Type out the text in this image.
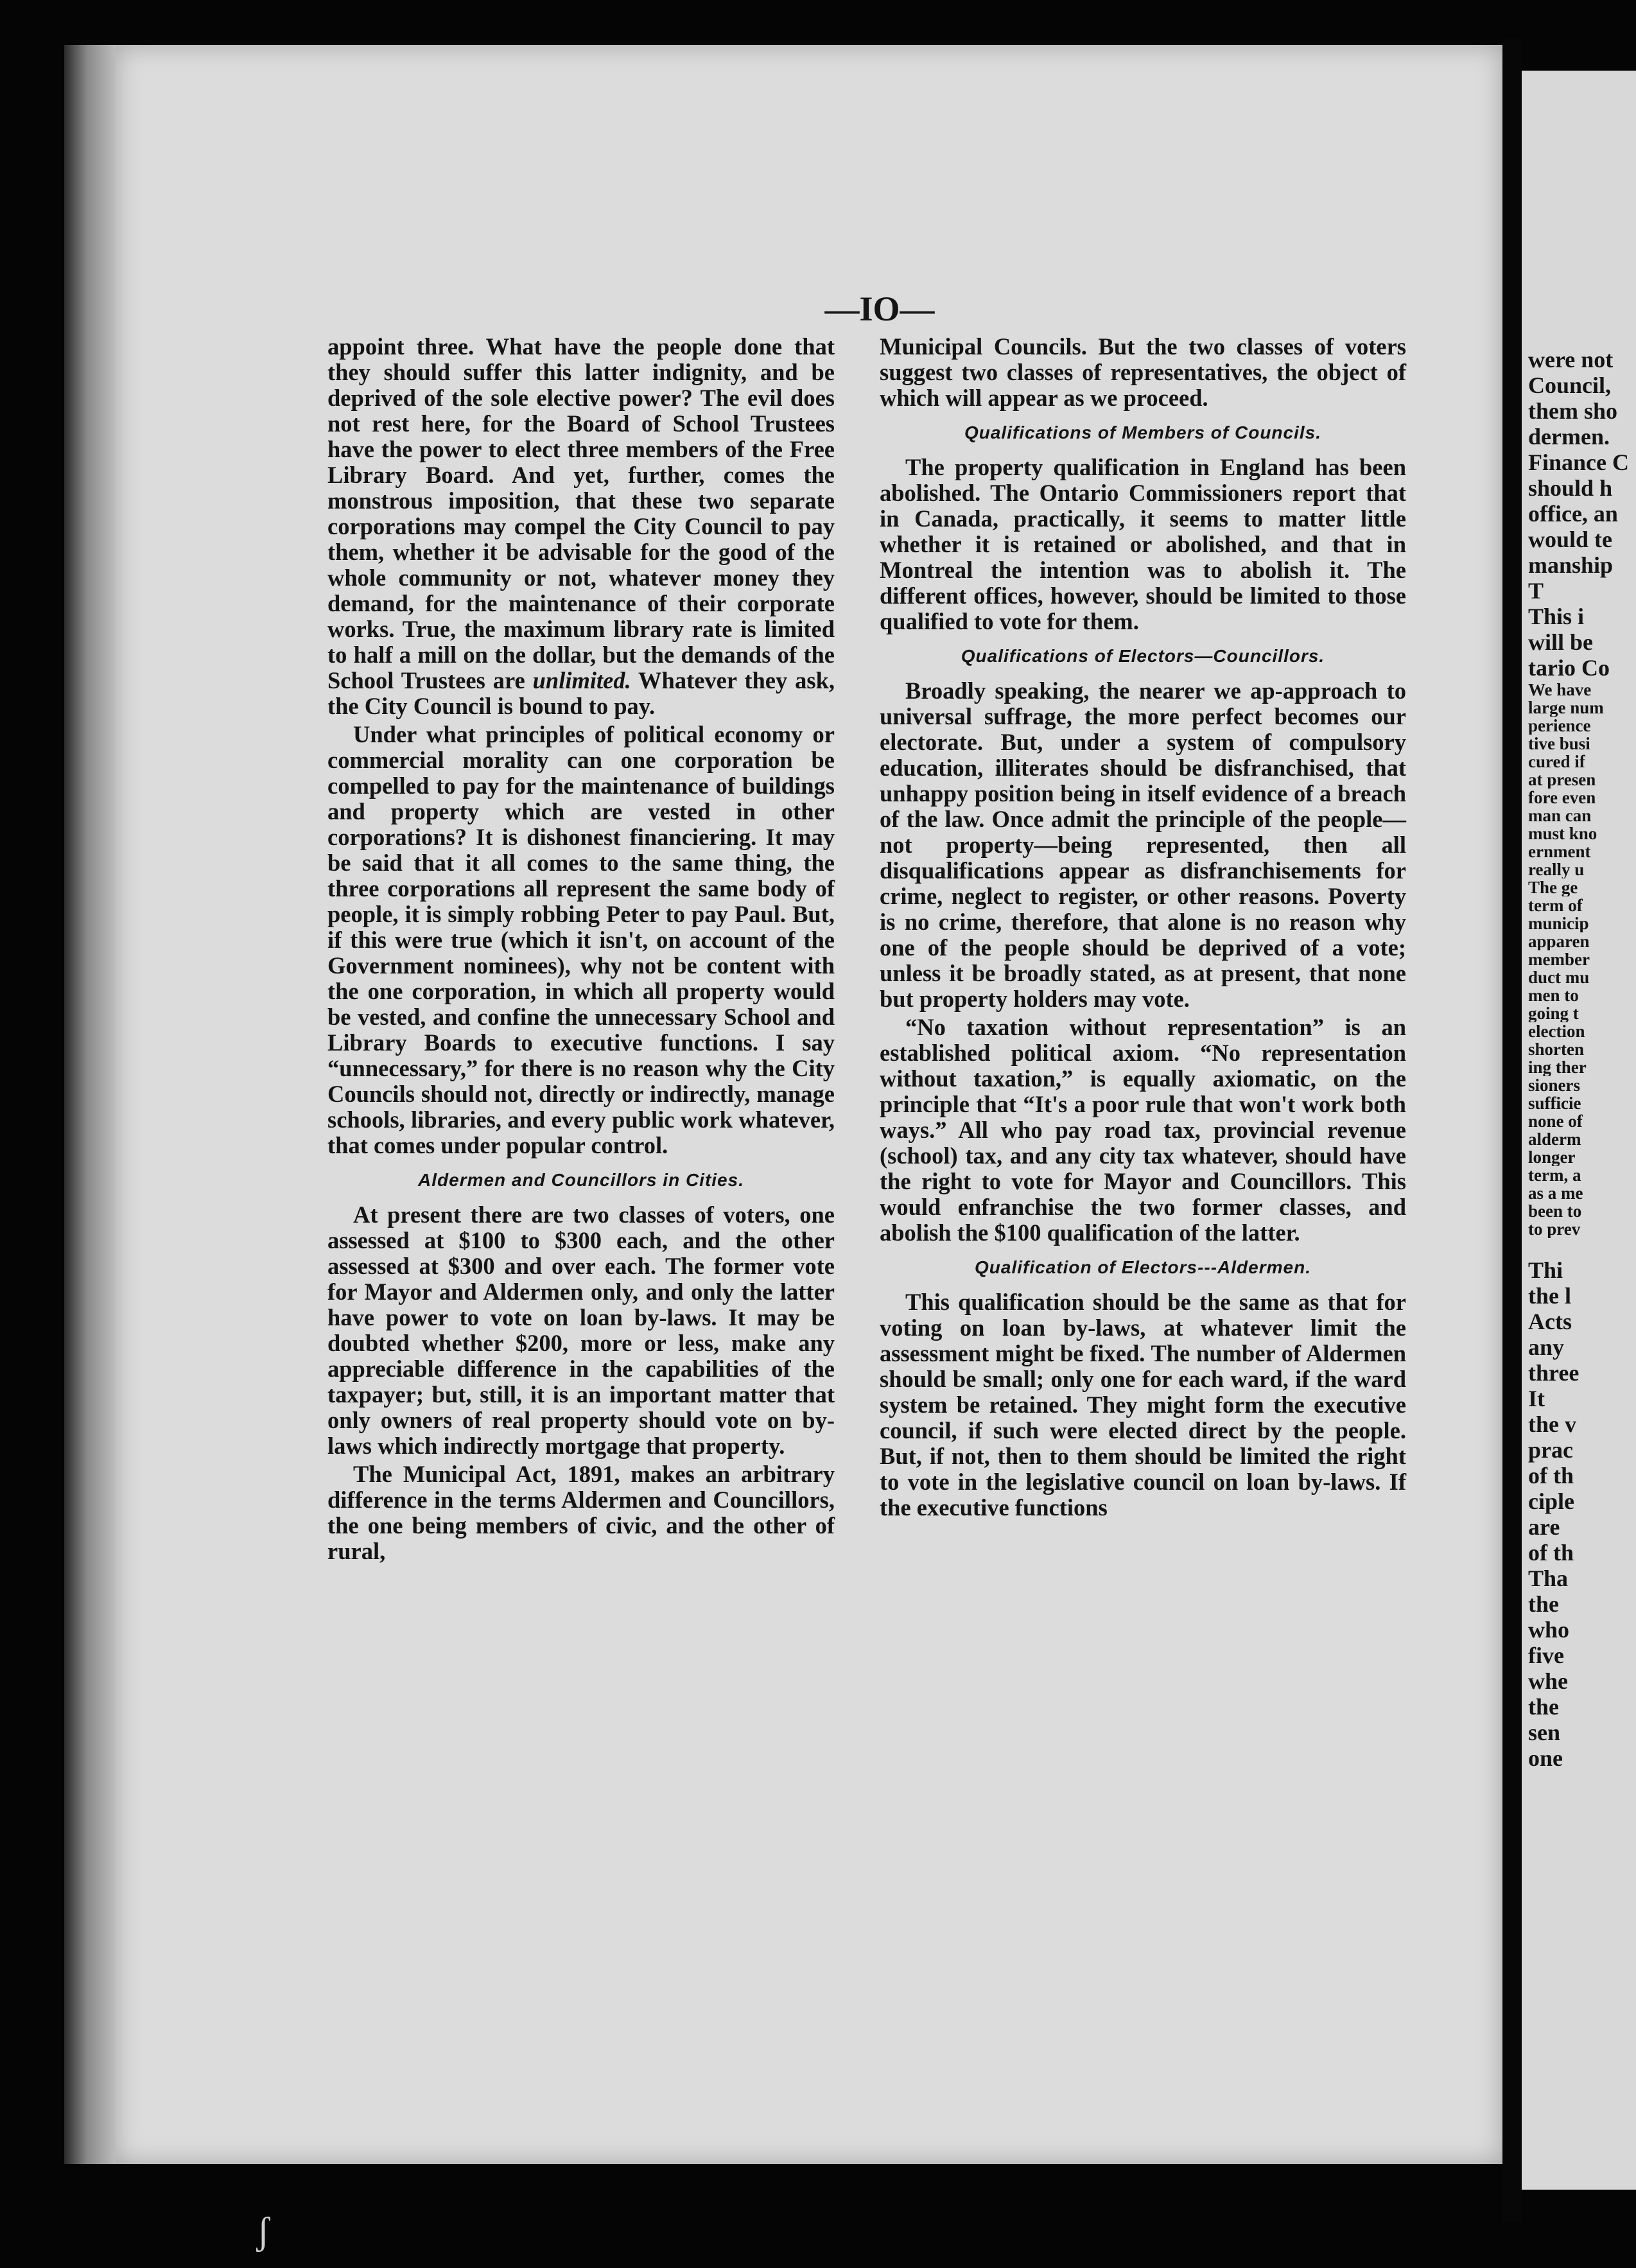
—IO—

appoint three. What have the people done that they should suffer this latter indignity, and be deprived of the sole elective power? The evil does not rest here, for the Board of School Trustees have the power to elect three members of the Free Library Board. And yet, further, comes the monstrous imposition, that these two separate corporations may compel the City Council to pay them, whether it be advisable for the good of the whole community or not, whatever money they demand, for the maintenance of their corporate works. True, the maximum library rate is limited to half a mill on the dollar, but the demands of the School Trustees are unlimited. Whatever they ask, the City Council is bound to pay.

Under what principles of political economy or commercial morality can one corporation be compelled to pay for the maintenance of buildings and property which are vested in other corporations? It is dishonest financiering. It may be said that it all comes to the same thing, the three corporations all represent the same body of people, it is simply robbing Peter to pay Paul. But, if this were true (which it isn't, on account of the Government nominees), why not be content with the one corporation, in which all property would be vested, and confine the unnecessary School and Library Boards to executive functions. I say “unnecessary,” for there is no reason why the City Councils should not, directly or indirectly, manage schools, libraries, and every public work whatever, that comes under popular control.

Aldermen and Councillors in Cities.

At present there are two classes of voters, one assessed at $100 to $300 each, and the other assessed at $300 and over each. The former vote for Mayor and Aldermen only, and only the latter have power to vote on loan by-laws. It may be doubted whether $200, more or less, make any appreciable difference in the capabilities of the taxpayer; but, still, it is an important matter that only owners of real property should vote on by-laws which indirectly mortgage that property.

The Municipal Act, 1891, makes an arbitrary difference in the terms Aldermen and Councillors, the one being members of civic, and the other of rural,

Municipal Councils. But the two classes of voters suggest two classes of representatives, the object of which will appear as we proceed.

Qualifications of Members of Councils.

The property qualification in England has been abolished. The Ontario Commissioners report that in Canada, practically, it seems to matter little whether it is retained or abolished, and that in Montreal the intention was to abolish it. The different offices, however, should be limited to those qualified to vote for them.

Qualifications of Electors—Councillors.

Broadly speaking, the nearer we ap-approach to universal suffrage, the more perfect becomes our electorate. But, under a system of compulsory education, illiterates should be disfranchised, that unhappy position being in itself evidence of a breach of the law. Once admit the principle of the people—not property—being represented, then all disqualifications appear as disfranchisements for crime, neglect to register, or other reasons. Poverty is no crime, therefore, that alone is no reason why one of the people should be deprived of a vote; unless it be broadly stated, as at present, that none but property holders may vote.

“No taxation without representation” is an established political axiom. “No representation without taxation,” is equally axiomatic, on the principle that “It's a poor rule that won't work both ways.” All who pay road tax, provincial revenue (school) tax, and any city tax whatever, should have the right to vote for Mayor and Councillors. This would enfranchise the two former classes, and abolish the $100 qualification of the latter.

Qualification of Electors---Aldermen.

This qualification should be the same as that for voting on loan by-laws, at whatever limit the assessment might be fixed. The number of Aldermen should be small; only one for each ward, if the ward system be retained. They might form the executive council, if such were elected direct by the people. But, if not, then to them should be limited the right to vote in the legislative council on loan by-laws. If the executive functions

were not
Council,
them sho
dermen.
Finance C
should h
office, an
would te
manship
T
This i
will be
tario Co
We have
large num
perience
tive busi
cured if
at presen
fore even
man can
must kno
ernment
really u
The ge
term of
municip
apparen
member
duct mu
men to
going t
election
shorten
ing ther
sioners
sufficie
none of
alderm
longer
term, a
as a me
been to
to prev
Thi
the l
Acts
any
three
It
the v
prac
of th
ciple
are
of th
Tha
the
who
five
whe
the
sen
one
ʃ
